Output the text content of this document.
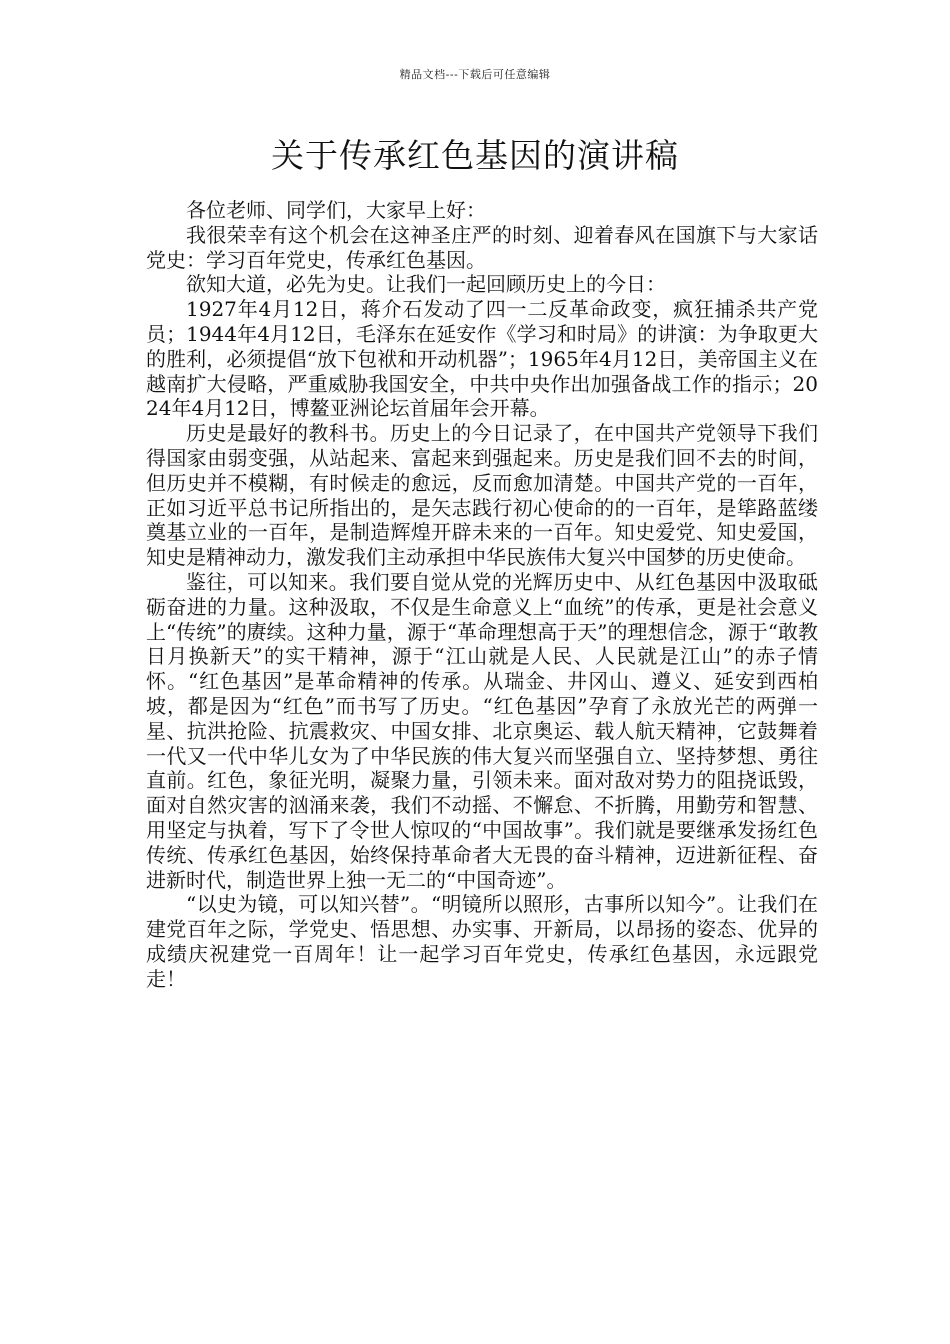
精品文档---下载后可任意编辑
关于传承红色基因的演讲稿

各位老师、同学们，大家早上好：

我很荣幸有这个机会在这神圣庄严的时刻、迎着春风在国旗下与大家话党史：学习百年党史，传承红色基因。

欲知大道，必先为史。让我们一起回顾历史上的今日：

1927年4月12日，蒋介石发动了四一二反革命政变，疯狂捕杀共产党员；1944年4月12日，毛泽东在延安作《学习和时局》的讲演：为争取更大的胜利，必须提倡“放下包袱和开动机器”；1965年4月12日，美帝国主义在越南扩大侵略，严重威胁我国安全，中共中央作出加强备战工作的指示；2024年4月12日，博鳌亚洲论坛首届年会开幕。

历史是最好的教科书。历史上的今日记录了，在中国共产党领导下我们得国家由弱变强，从站起来、富起来到强起来。历史是我们回不去的时间，但历史并不模糊，有时候走的愈远，反而愈加清楚。中国共产党的一百年，正如习近平总书记所指出的，是矢志践行初心使命的的一百年，是筚路蓝缕奠基立业的一百年，是制造辉煌开辟未来的一百年。知史爱党、知史爱国，知史是精神动力，激发我们主动承担中华民族伟大复兴中国梦的历史使命。

鉴往，可以知来。我们要自觉从党的光辉历史中、从红色基因中汲取砥砺奋进的力量。这种汲取，不仅是生命意义上“血统”的传承，更是社会意义上“传统”的赓续。这种力量，源于“革命理想高于天”的理想信念，源于“敢教日月换新天”的实干精神，源于“江山就是人民、人民就是江山”的赤子情怀。“红色基因”是革命精神的传承。从瑞金、井冈山、遵义、延安到西柏坡，都是因为“红色”而书写了历史。“红色基因”孕育了永放光芒的两弹一星、抗洪抢险、抗震救灾、中国女排、北京奥运、载人航天精神，它鼓舞着一代又一代中华儿女为了中华民族的伟大复兴而坚强自立、坚持梦想、勇往直前。红色，象征光明，凝聚力量，引领未来。面对敌对势力的阻挠诋毁，面对自然灾害的汹涌来袭，我们不动摇、不懈怠、不折腾，用勤劳和智慧、用坚定与执着，写下了令世人惊叹的“中国故事”。我们就是要继承发扬红色传统、传承红色基因，始终保持革命者大无畏的奋斗精神，迈进新征程、奋进新时代，制造世界上独一无二的“中国奇迹”。

“以史为镜，可以知兴替”。“明镜所以照形，古事所以知今”。让我们在建党百年之际，学党史、悟思想、办实事、开新局，以昂扬的姿态、优异的成绩庆祝建党一百周年！让一起学习百年党史，传承红色基因，永远跟党走！
